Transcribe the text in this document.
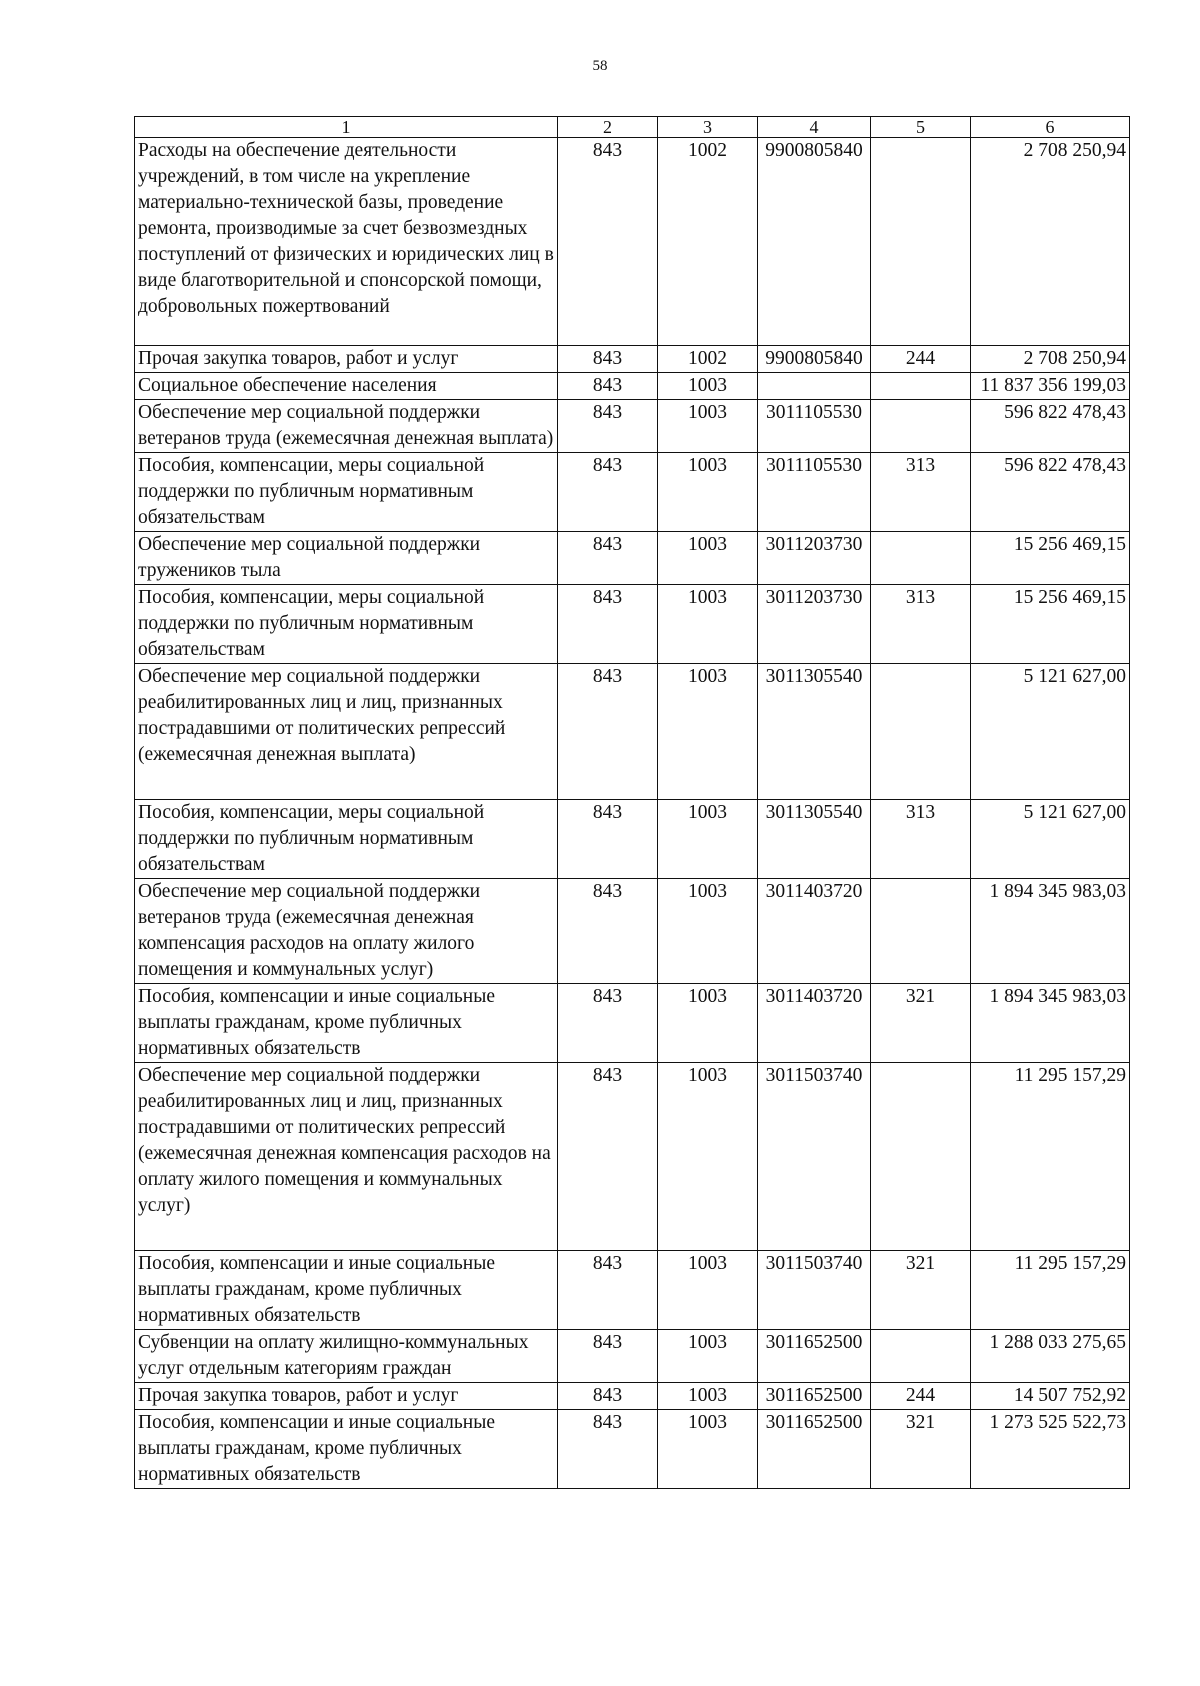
58
1	2	3	4	5	6
Расходы на обеспечение деятельности учреждений, в том числе на укрепление материально-технической базы, проведение ремонта, производимые за счет безвозмездных поступлений от физических и юридических лиц в виде благотворительной и спонсорской помощи, добровольных пожертвований	843	1002	9900805840		2 708 250,94
Прочая закупка товаров, работ и услуг	843	1002	9900805840	244	2 708 250,94
Социальное обеспечение населения	843	1003			11 837 356 199,03
Обеспечение мер социальной поддержки ветеранов труда (ежемесячная денежная выплата)	843	1003	3011105530		596 822 478,43
Пособия, компенсации, меры социальной поддержки по публичным нормативным обязательствам	843	1003	3011105530	313	596 822 478,43
Обеспечение мер социальной поддержки тружеников тыла	843	1003	3011203730		15 256 469,15
Пособия, компенсации, меры социальной поддержки по публичным нормативным обязательствам	843	1003	3011203730	313	15 256 469,15
Обеспечение мер социальной поддержки реабилитированных лиц и лиц, признанных пострадавшими от политических репрессий (ежемесячная денежная выплата)	843	1003	3011305540		5 121 627,00
Пособия, компенсации, меры социальной поддержки по публичным нормативным обязательствам	843	1003	3011305540	313	5 121 627,00
Обеспечение мер социальной поддержки ветеранов труда (ежемесячная денежная компенсация расходов на оплату жилого помещения и коммунальных услуг)	843	1003	3011403720		1 894 345 983,03
Пособия, компенсации и иные социальные выплаты гражданам, кроме публичных нормативных обязательств	843	1003	3011403720	321	1 894 345 983,03
Обеспечение мер социальной поддержки реабилитированных лиц и лиц, признанных пострадавшими от политических репрессий (ежемесячная денежная компенсация расходов на оплату жилого помещения и коммунальных услуг)	843	1003	3011503740		11 295 157,29
Пособия, компенсации и иные социальные выплаты гражданам, кроме публичных нормативных обязательств	843	1003	3011503740	321	11 295 157,29
Субвенции на оплату жилищно-коммунальных услуг отдельным категориям граждан	843	1003	3011652500		1 288 033 275,65
Прочая закупка товаров, работ и услуг	843	1003	3011652500	244	14 507 752,92
Пособия, компенсации и иные социальные выплаты гражданам, кроме публичных нормативных обязательств	843	1003	3011652500	321	1 273 525 522,73
